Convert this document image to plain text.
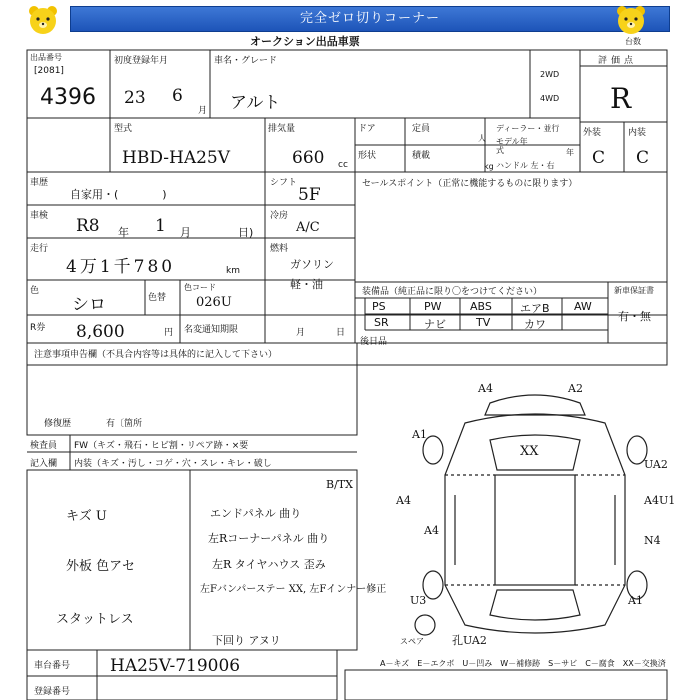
完全ゼロ切りコーナー
オークション出品車票	台数
出品番号
[2081]
4396
初度登録年月
23 6
月
車名・グレード
アルト
2WD
4WD
評価点
R
型式
HBD-HA25V
排気量
660 cc
ドア	定員
人
ディーラー・並行
モデル年式
形状	積載
kg ハンドル 左・右
年
外装	内装
C C
車歴
自家用・(　　　　)
シフト
5F
セールスポイント（正常に機能するものに限ります）
車検 R8 年 1 月	日)
冷房
A/C
走行
4万1千780	km
燃料
ガソリン
軽・油
色
シロ	色替
色コード
026U
装備品（純正品に限り〇をつけてください）	新車保証書
PS	PW	ABS	エアB AW
SR	ナビ	TV	カワ
有・無
R券 8,600	円 名変通知期限	月	日
後日品
注意事項申告欄（不具合内容等は具体的に記入して下さい）
修復歴	有〔箇所
検査員 FW（キズ・飛石・ヒビ割・リペア跡・×要
記入欄 内装（キズ・汚し・コゲ・穴・スレ・キレ・破し
キズ U
外板 色アセ
スタットレス
B/TX
エンドパネル 曲り
左Rコーナーパネル 曲り
左R タイヤハウス 歪み
左Fバンパーステー XX, 左Fインナー修正
下回り アヌリ
車台番号 HA25V-719006
登録番号
A－キズ　E－エクボ　U－凹み　W－補修跡　S－サビ　C－腐食　XX－交換済
A4	A2
A1
XX
UA2
A4	A4U1
A4
N4
U3	A1
スペア	孔UA2
